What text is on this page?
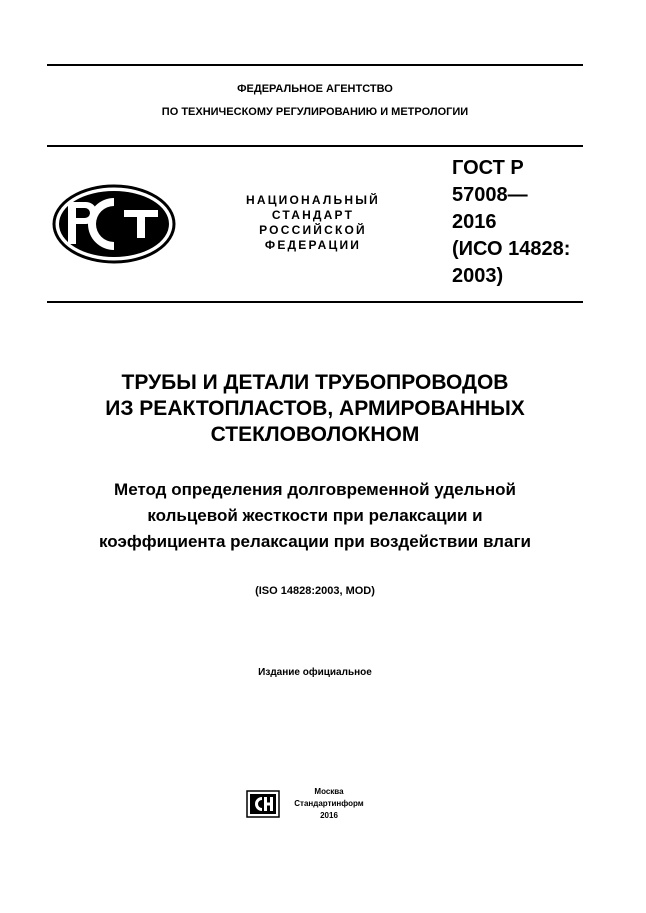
ФЕДЕРАЛЬНОЕ АГЕНТСТВО
ПО ТЕХНИЧЕСКОМУ РЕГУЛИРОВАНИЮ И МЕТРОЛОГИИ
НАЦИОНАЛЬНЫЙ
СТАНДАРТ
РОССИЙСКОЙ
ФЕДЕРАЦИИ
ГОСТ Р
57008—
2016
(ИСО 14828:
2003)
ТРУБЫ И ДЕТАЛИ ТРУБОПРОВОДОВ
ИЗ РЕАКТОПЛАСТОВ, АРМИРОВАННЫХ
СТЕКЛОВОЛОКНОМ
Метод определения долговременной удельной
кольцевой жесткости при релаксации и
коэффициента релаксации при воздействии влаги
(ISO 14828:2003, MOD)
Издание официальное
Москва
Стандартинформ
2016
